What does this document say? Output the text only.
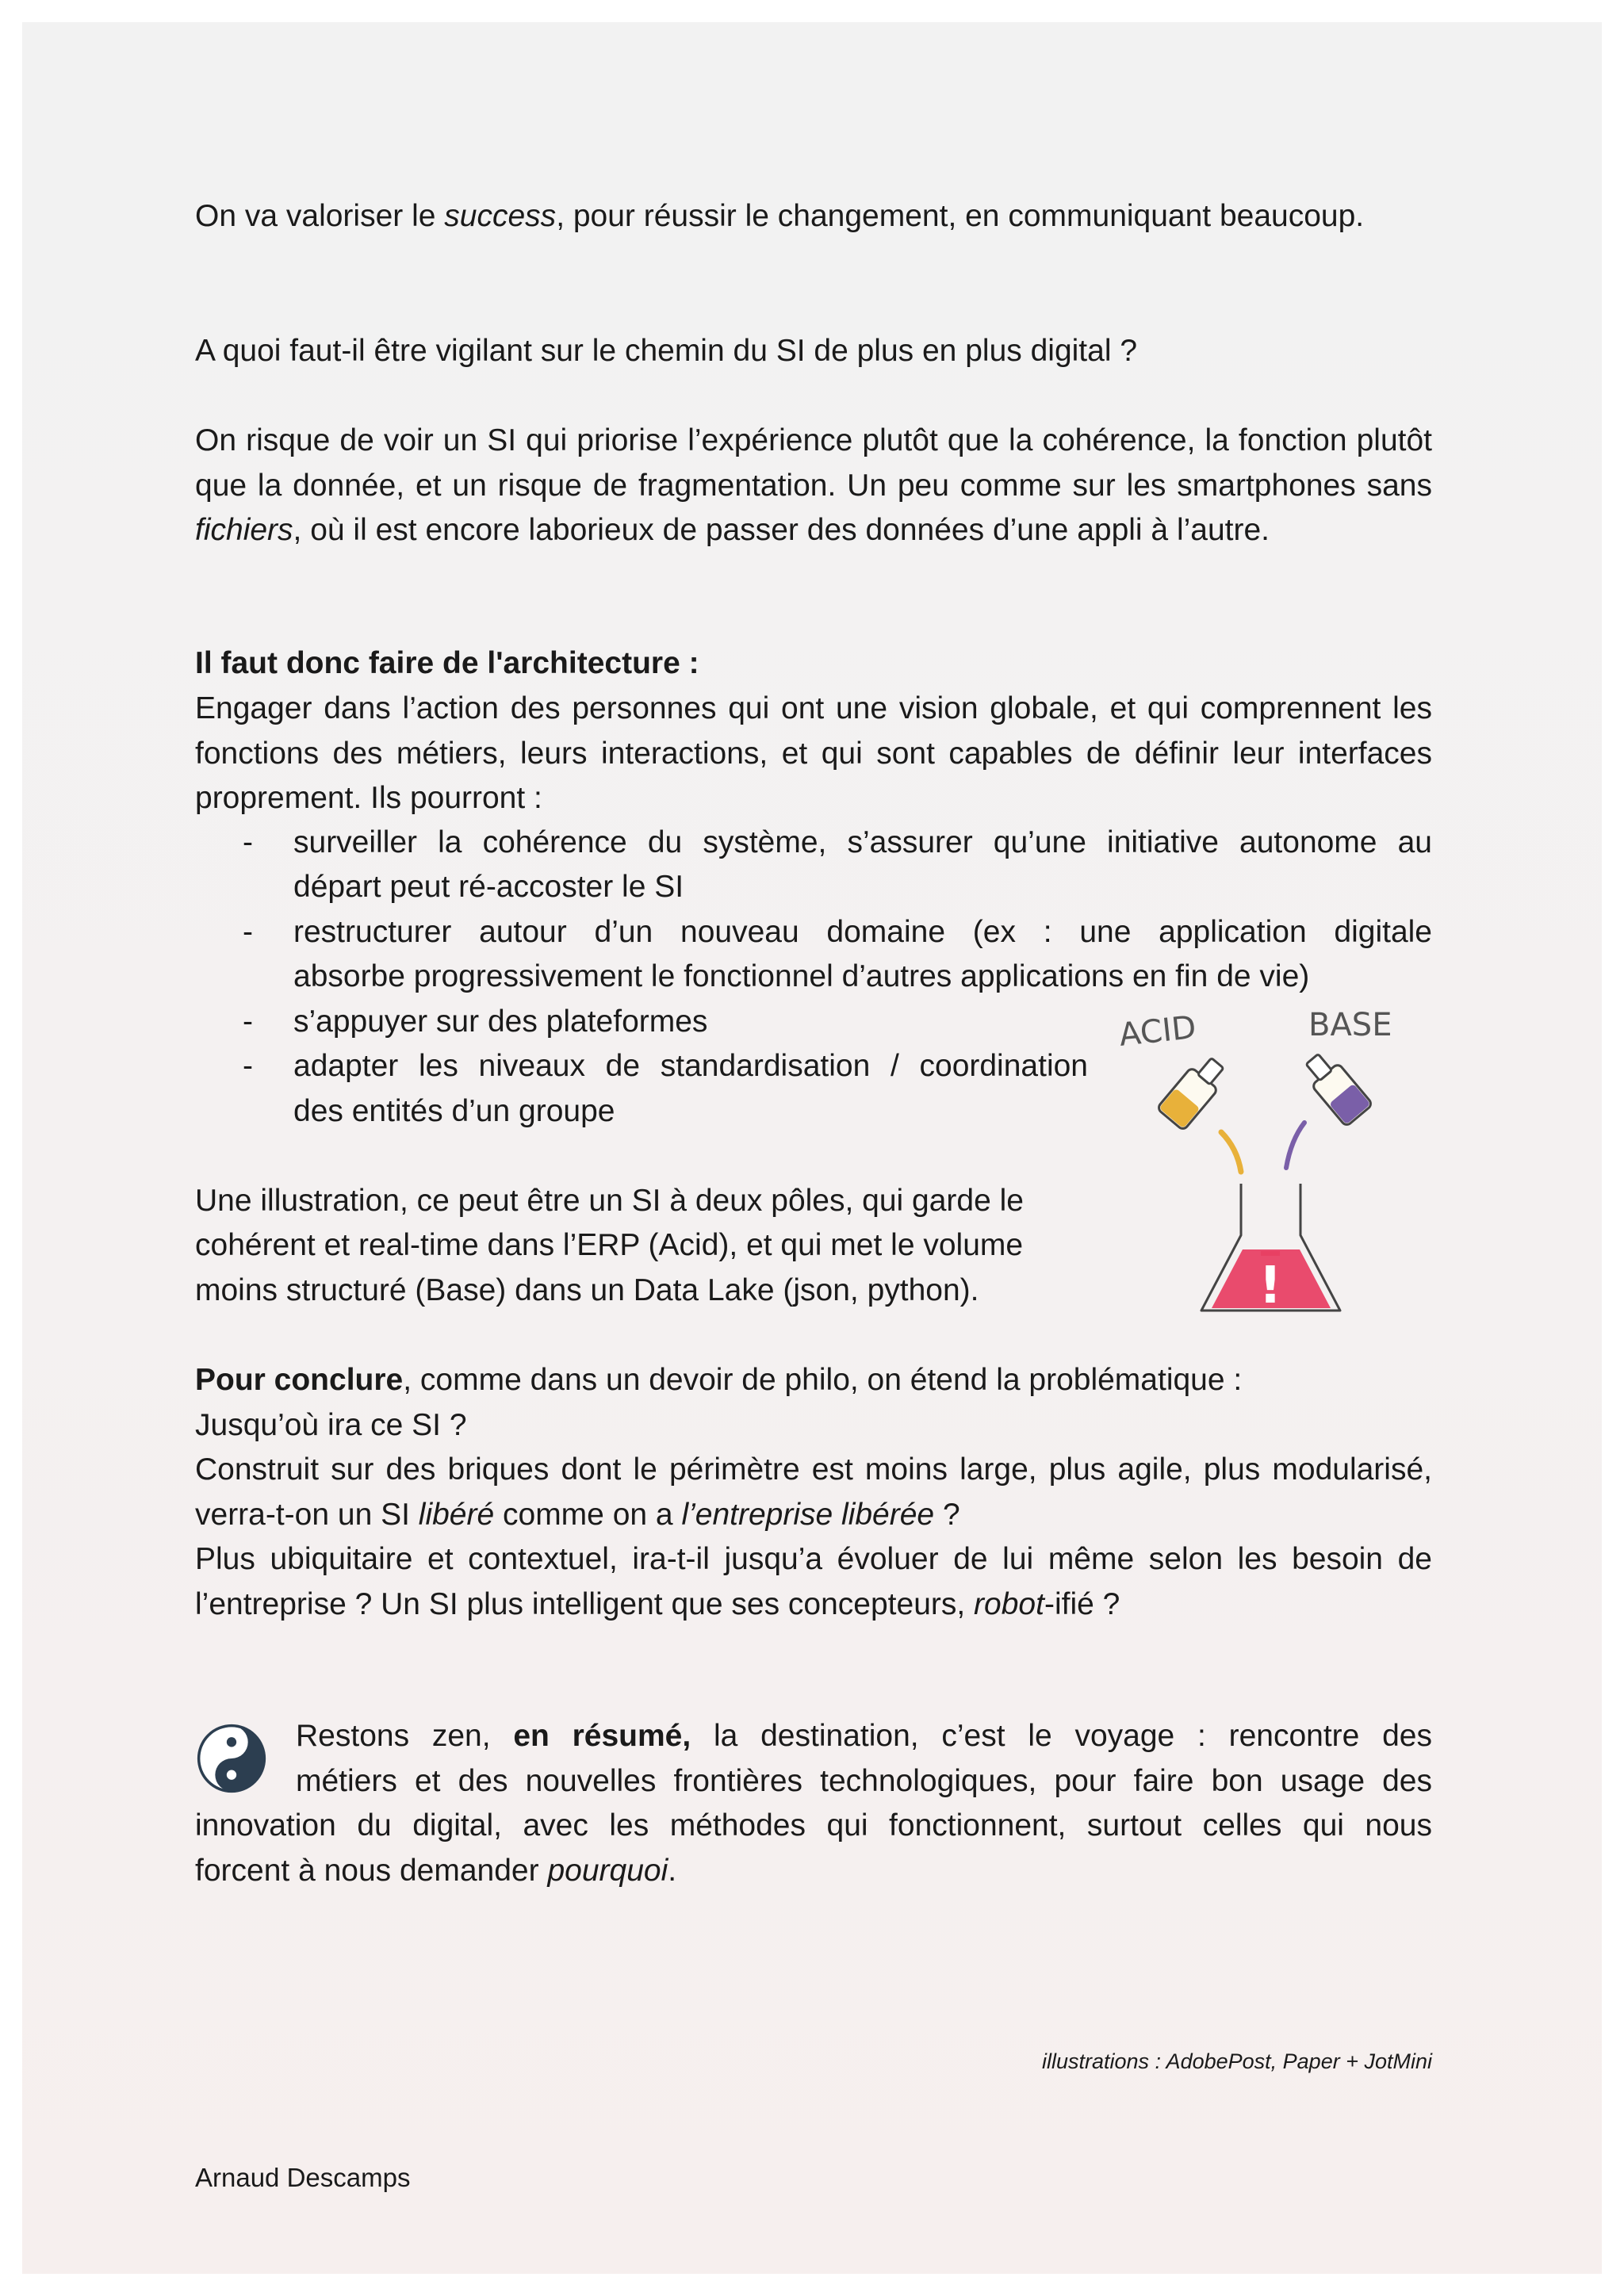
On va valoriser le success, pour réussir le changement, en communiquant beaucoup.
A quoi faut-il être vigilant sur le chemin du SI de plus en plus digital ?
On risque de voir un SI qui priorise l’expérience plutôt que la cohérence, la fonction plutôt que la donnée, et un risque de fragmentation. Un peu comme sur les smartphones sans fichiers, où il est encore laborieux de passer des données d’une appli à l’autre.
Il faut donc faire de l'architecture :
Engager dans l’action des personnes qui ont une vision globale, et qui comprennent les fonctions des métiers, leurs interactions, et qui sont capables de définir leur interfaces proprement. Ils pourront :
- surveiller la cohérence du système, s’assurer qu’une initiative autonome au
départ peut ré-accoster le SI
- restructurer autour d’un nouveau domaine (ex : une application digitale
absorbe progressivement le fonctionnel d’autres applications en fin de vie)
- s’appuyer sur des plateformes
- adapter les niveaux de standardisation / coordination
des entités d’un groupe
Une illustration, ce peut être un SI à deux pôles, qui garde le
cohérent et real-time dans l’ERP (Acid), et qui met le volume
moins structuré (Base) dans un Data Lake (json, python).
ACID	BASE
!
Pour conclure, comme dans un devoir de philo, on étend la problématique :
Jusqu’où ira ce SI ?
Construit sur des briques dont le périmètre est moins large, plus agile, plus modularisé, verra-t-on un SI libéré comme on a l’entreprise libérée ?
Plus ubiquitaire et contextuel, ira-t-il jusqu’a évoluer de lui même selon les besoin de l’entreprise ? Un SI plus intelligent que ses concepteurs, robot-ifié ?
Restons zen, en résumé, la destination, c’est le voyage : rencontre des
métiers et des nouvelles frontières technologiques, pour faire bon usage des
innovation du digital, avec les méthodes qui fonctionnent, surtout celles qui nous
forcent à nous demander pourquoi.
illustrations : AdobePost, Paper + JotMini
Arnaud Descamps
